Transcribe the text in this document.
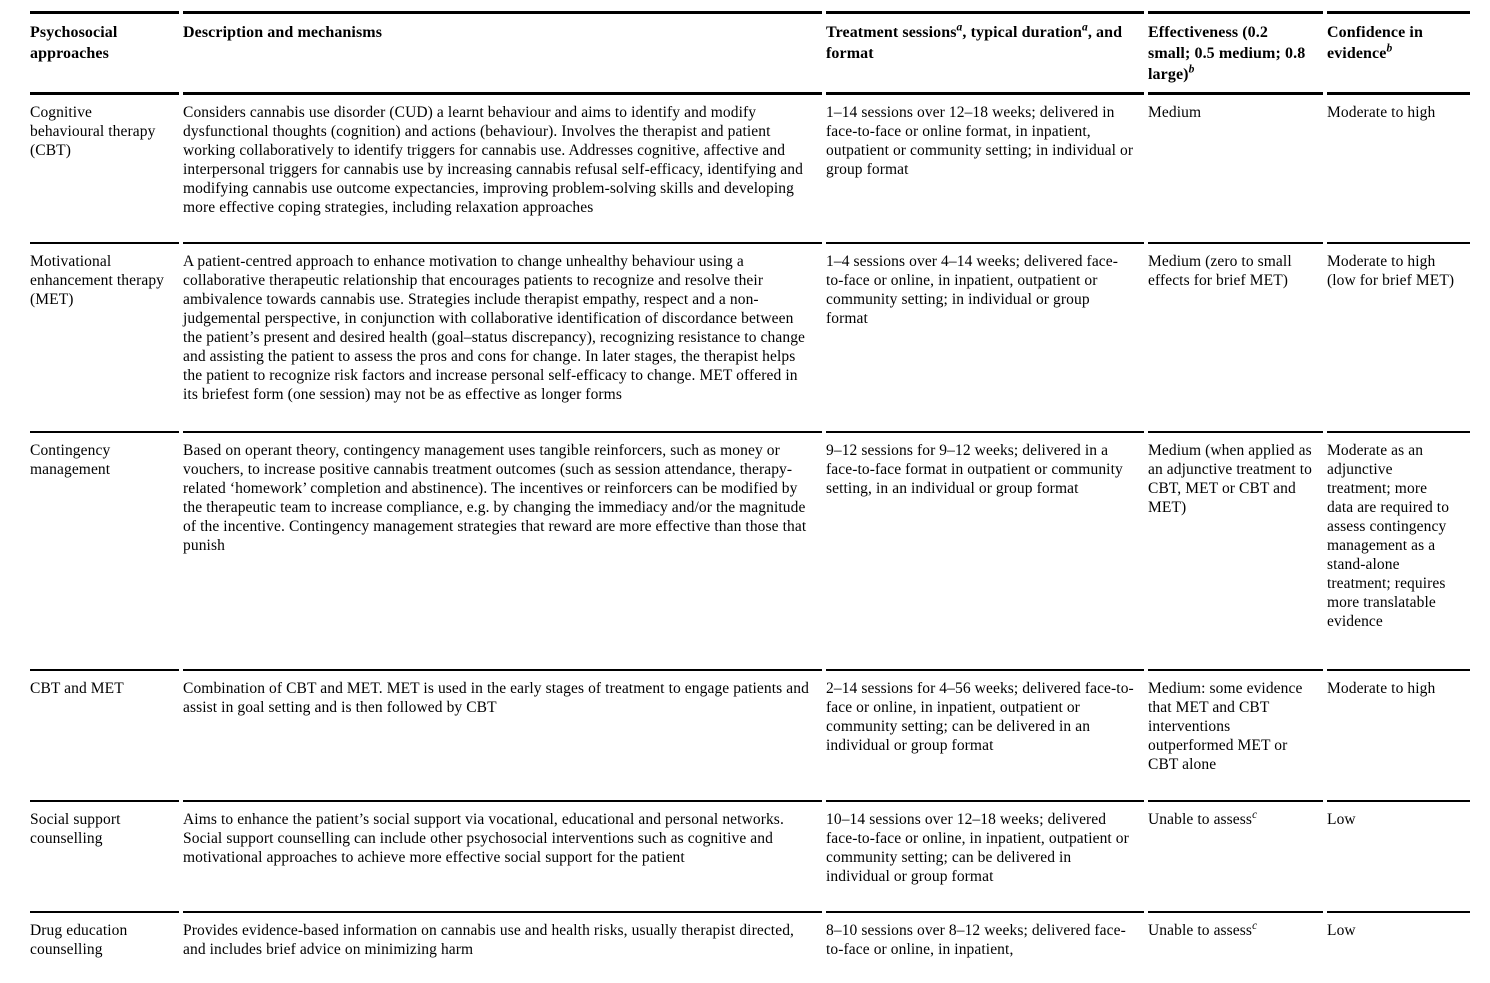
Psychosocial approaches	Description and mechanisms	Treatment sessions$^a$, typical duration$^a$, and format	Effectiveness (0.2 small; 0.5 medium; 0.8 large)$^b$	Confidence in evidence$^b$
Cognitive behavioural therapy (CBT)	Considers cannabis use disorder (CUD) a learnt behaviour and aims to identify and modify dysfunctional thoughts (cognition) and actions (behaviour). Involves the therapist and patient working collaboratively to identify triggers for cannabis use. Addresses cognitive, affective and interpersonal triggers for cannabis use by increasing cannabis refusal self-efficacy, identifying and modifying cannabis use outcome expectancies, improving problem-solving skills and developing more effective coping strategies, including relaxation approaches	1–14 sessions over 12–18 weeks; delivered in face-to-face or online format, in inpatient, outpatient or community setting; in individual or group format	Medium	Moderate to high
Motivational enhancement therapy (MET)	A patient-centred approach to enhance motivation to change unhealthy behaviour using a collaborative therapeutic relationship that encourages patients to recognize and resolve their ambivalence towards cannabis use. Strategies include therapist empathy, respect and a non-judgemental perspective, in conjunction with collaborative identification of discordance between the patient’s present and desired health (goal–status discrepancy), recognizing resistance to change and assisting the patient to assess the pros and cons for change. In later stages, the therapist helps the patient to recognize risk factors and increase personal self-efficacy to change. MET offered in its briefest form (one session) may not be as effective as longer forms	1–4 sessions over 4–14 weeks; delivered face-to-face or online, in inpatient, outpatient or community setting; in individual or group format	Medium (zero to small effects for brief MET)	Moderate to high (low for brief MET)
Contingency management	Based on operant theory, contingency management uses tangible reinforcers, such as money or vouchers, to increase positive cannabis treatment outcomes (such as session attendance, therapy-related ‘homework’ completion and abstinence). The incentives or reinforcers can be modified by the therapeutic team to increase compliance, e.g. by changing the immediacy and/or the magnitude of the incentive. Contingency management strategies that reward are more effective than those that punish	9–12 sessions for 9–12 weeks; delivered in a face-to-face format in outpatient or community setting, in an individual or group format	Medium (when applied as an adjunctive treatment to CBT, MET or CBT and MET)	Moderate as an adjunctive treatment; more data are required to assess contingency management as a stand-alone treatment; requires more translatable evidence
CBT and MET	Combination of CBT and MET. MET is used in the early stages of treatment to engage patients and assist in goal setting and is then followed by CBT	2–14 sessions for 4–56 weeks; delivered face-to-face or online, in inpatient, outpatient or community setting; can be delivered in an individual or group format	Medium: some evidence that MET and CBT interventions outperformed MET or CBT alone	Moderate to high
Social support counselling	Aims to enhance the patient’s social support via vocational, educational and personal networks. Social support counselling can include other psychosocial interventions such as cognitive and motivational approaches to achieve more effective social support for the patient	10–14 sessions over 12–18 weeks; delivered face-to-face or online, in inpatient, outpatient or community setting; can be delivered in individual or group format	Unable to assess$^c$	Low
Drug education counselling	Provides evidence-based information on cannabis use and health risks, usually therapist directed, and includes brief advice on minimizing harm	8–10 sessions over 8–12 weeks; delivered face-to-face or online, in inpatient,	Unable to assess$^c$	Low
